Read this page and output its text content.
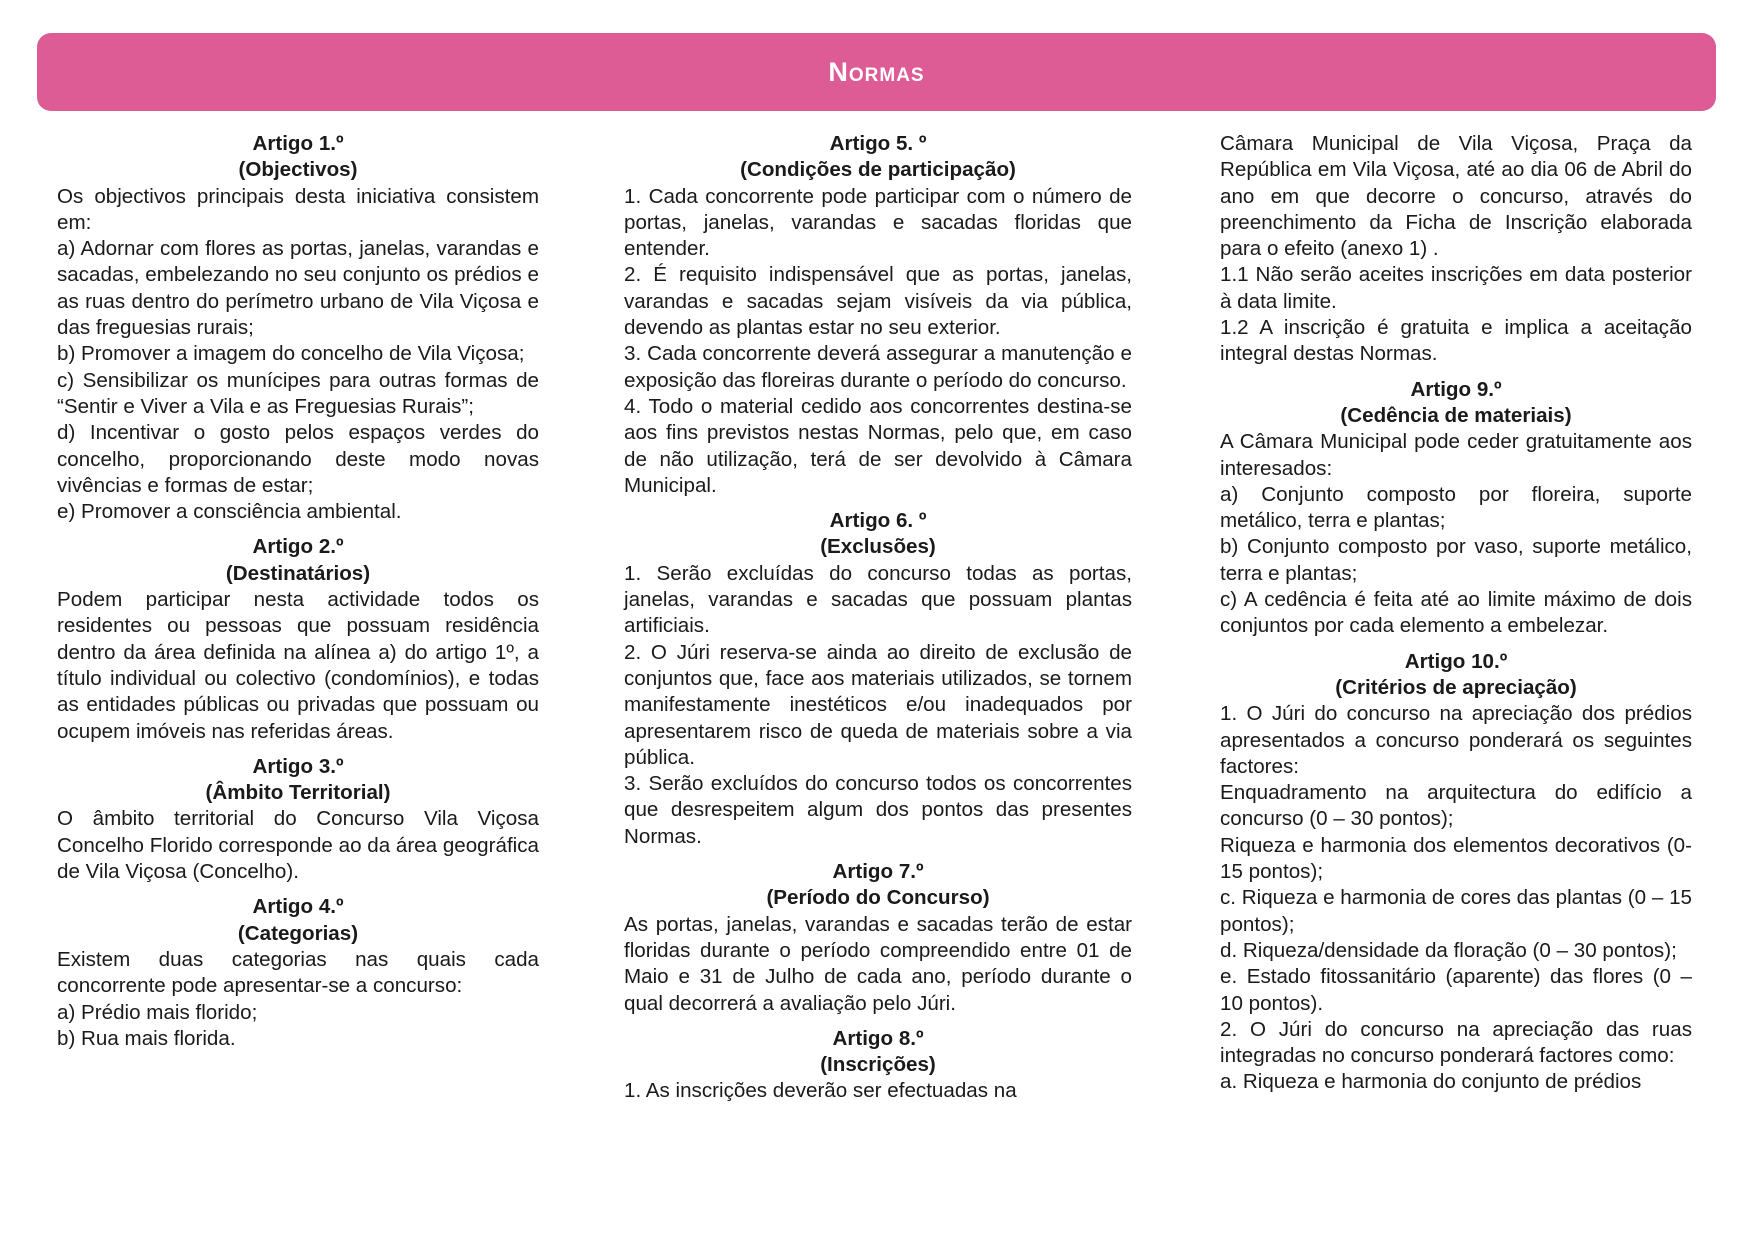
Normas
Artigo 1.º
(Objectivos)
Os objectivos principais desta iniciativa consistem em:
a) Adornar com flores as portas, janelas, varandas e sacadas, embelezando no seu conjunto os prédios e as ruas dentro do perímetro urbano de Vila Viçosa e das freguesias rurais;
b) Promover a imagem do concelho de Vila Viçosa;
c) Sensibilizar os munícipes para outras formas de “Sentir e Viver a Vila e as Freguesias Rurais”;
d) Incentivar o gosto pelos espaços verdes do concelho, proporcionando deste modo novas vivências e formas de estar;
e) Promover a consciência ambiental.
Artigo 2.º
(Destinatários)
Podem participar nesta actividade todos os residentes ou pessoas que possuam residência dentro da área definida na alínea a) do artigo 1º, a título individual ou colectivo (condomínios), e todas as entidades públicas ou privadas que possuam ou ocupem imóveis nas referidas áreas.
Artigo 3.º
(Âmbito Territorial)
O âmbito territorial do Concurso Vila Viçosa Concelho Florido corresponde ao da área geográfica de Vila Viçosa (Concelho).
Artigo 4.º
(Categorias)
Existem duas categorias nas quais cada concorrente pode apresentar-se a concurso:
a) Prédio mais florido;
b) Rua mais florida.
Artigo 5. º
(Condições de participação)
1. Cada concorrente pode participar com o número de portas, janelas, varandas e sacadas floridas que entender.
2. É requisito indispensável que as portas, janelas, varandas e sacadas sejam visíveis da via pública, devendo as plantas estar no seu exterior.
3. Cada concorrente deverá assegurar a manutenção e exposição das floreiras durante o período do concurso.
4. Todo o material cedido aos concorrentes destina-se aos fins previstos nestas Normas, pelo que, em caso de não utilização, terá de ser devolvido à Câmara Municipal.
Artigo 6. º
(Exclusões)
1. Serão excluídas do concurso todas as portas, janelas, varandas e sacadas que possuam plantas artificiais.
2. O Júri reserva-se ainda ao direito de exclusão de conjuntos que, face aos materiais utilizados, se tornem manifestamente inestéticos e/ou inadequados por apresentarem risco de queda de materiais sobre a via pública.
3. Serão excluídos do concurso todos os concorrentes que desrespeitem algum dos pontos das presentes Normas.
Artigo 7.º
(Período do Concurso)
As portas, janelas, varandas e sacadas terão de estar floridas durante o período compreendido entre 01 de Maio e 31 de Julho de cada ano, período durante o qual decorrerá a avaliação pelo Júri.
Artigo 8.º
(Inscrições)
1. As inscrições deverão ser efectuadas na
Câmara Municipal de Vila Viçosa, Praça da República em Vila Viçosa, até ao dia 06 de Abril do ano em que decorre o concurso, através do preenchimento da Ficha de Inscrição elaborada para o efeito (anexo 1) .
1.1 Não serão aceites inscrições em data posterior à data limite.
1.2 A inscrição é gratuita e implica a aceitação integral destas Normas.
Artigo 9.º
(Cedência de materiais)
A Câmara Municipal pode ceder gratuitamente aos interesados:
a) Conjunto composto por floreira, suporte metálico, terra e plantas;
b) Conjunto composto por vaso, suporte metálico, terra e plantas;
c) A cedência é feita até ao limite máximo de dois conjuntos por cada elemento a embelezar.
Artigo 10.º
(Critérios de apreciação)
1. O Júri do concurso na apreciação dos prédios apresentados a concurso ponderará os seguintes factores:
Enquadramento na arquitectura do edifício a concurso (0 – 30 pontos);
Riqueza e harmonia dos elementos decorativos (0-15 pontos);
c. Riqueza e harmonia de cores das plantas (0 – 15 pontos);
d. Riqueza/densidade da floração (0 – 30 pontos);
e. Estado fitossanitário (aparente) das flores (0 – 10 pontos).
2. O Júri do concurso na apreciação das ruas integradas no concurso ponderará factores como:
a. Riqueza e harmonia do conjunto de prédios
